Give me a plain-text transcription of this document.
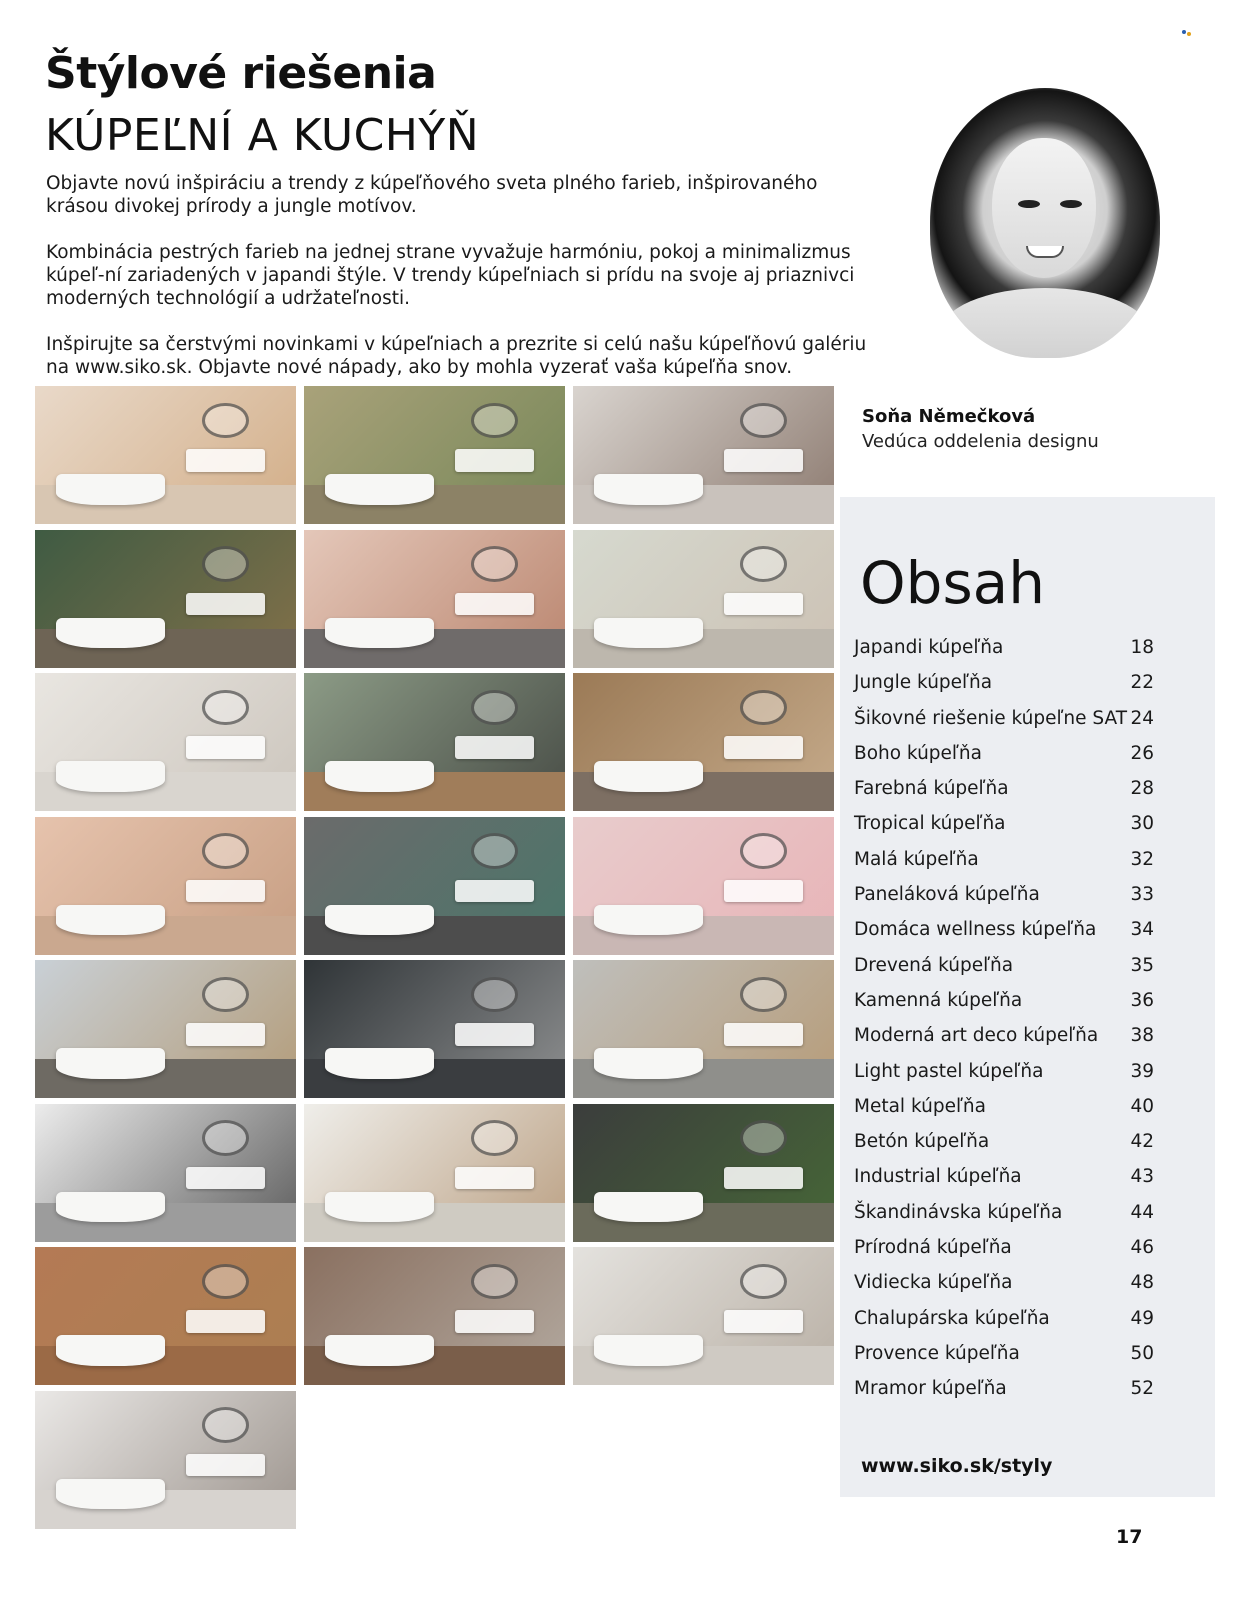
Štýlové riešenia
KÚPEĽNÍ A KUCHÝŇ

Objavte novú inšpiráciu a trendy z kúpeľňového sveta plného farieb, inšpirovaného krásou divokej prírody a jungle motívov.

Kombinácia pestrých farieb na jednej strane vyvažuje harmóniu, pokoj a minimalizmus kúpeľ-ní zariadených v japandi štýle. V trendy kúpeľniach si prídu na svoje aj priaznivci moderných technológií a udržateľnosti.

Inšpirujte sa čerstvými novinkami v kúpeľniach a prezrite si celú našu kúpeľňovú galériu na www.siko.sk. Objavte nové nápady, ako by mohla vyzerať vaša kúpeľňa snov.

Soňa Němečková
Vedúca oddelenia designu
Obsah
Japandi kúpeľňa	18
Jungle kúpeľňa	22
Šikovné riešenie kúpeľne SAT 24
Boho kúpeľňa	26
Farebná kúpeľňa	28
Tropical kúpeľňa	30
Malá kúpeľňa	32
Paneláková kúpeľňa	33
Domáca wellness kúpeľňa 34
Drevená kúpeľňa	35
Kamenná kúpeľňa	36
Moderná art deco kúpeľňa 38
Light pastel kúpeľňa	39
Metal kúpeľňa	40
Betón kúpeľňa	42
Industrial kúpeľňa	43
Škandinávska kúpeľňa	44
Prírodná kúpeľňa	46
Vidiecka kúpeľňa	48
Chalupárska kúpeľňa	49
Provence kúpeľňa	50
Mramor kúpeľňa	52
www.siko.sk/styly
17
